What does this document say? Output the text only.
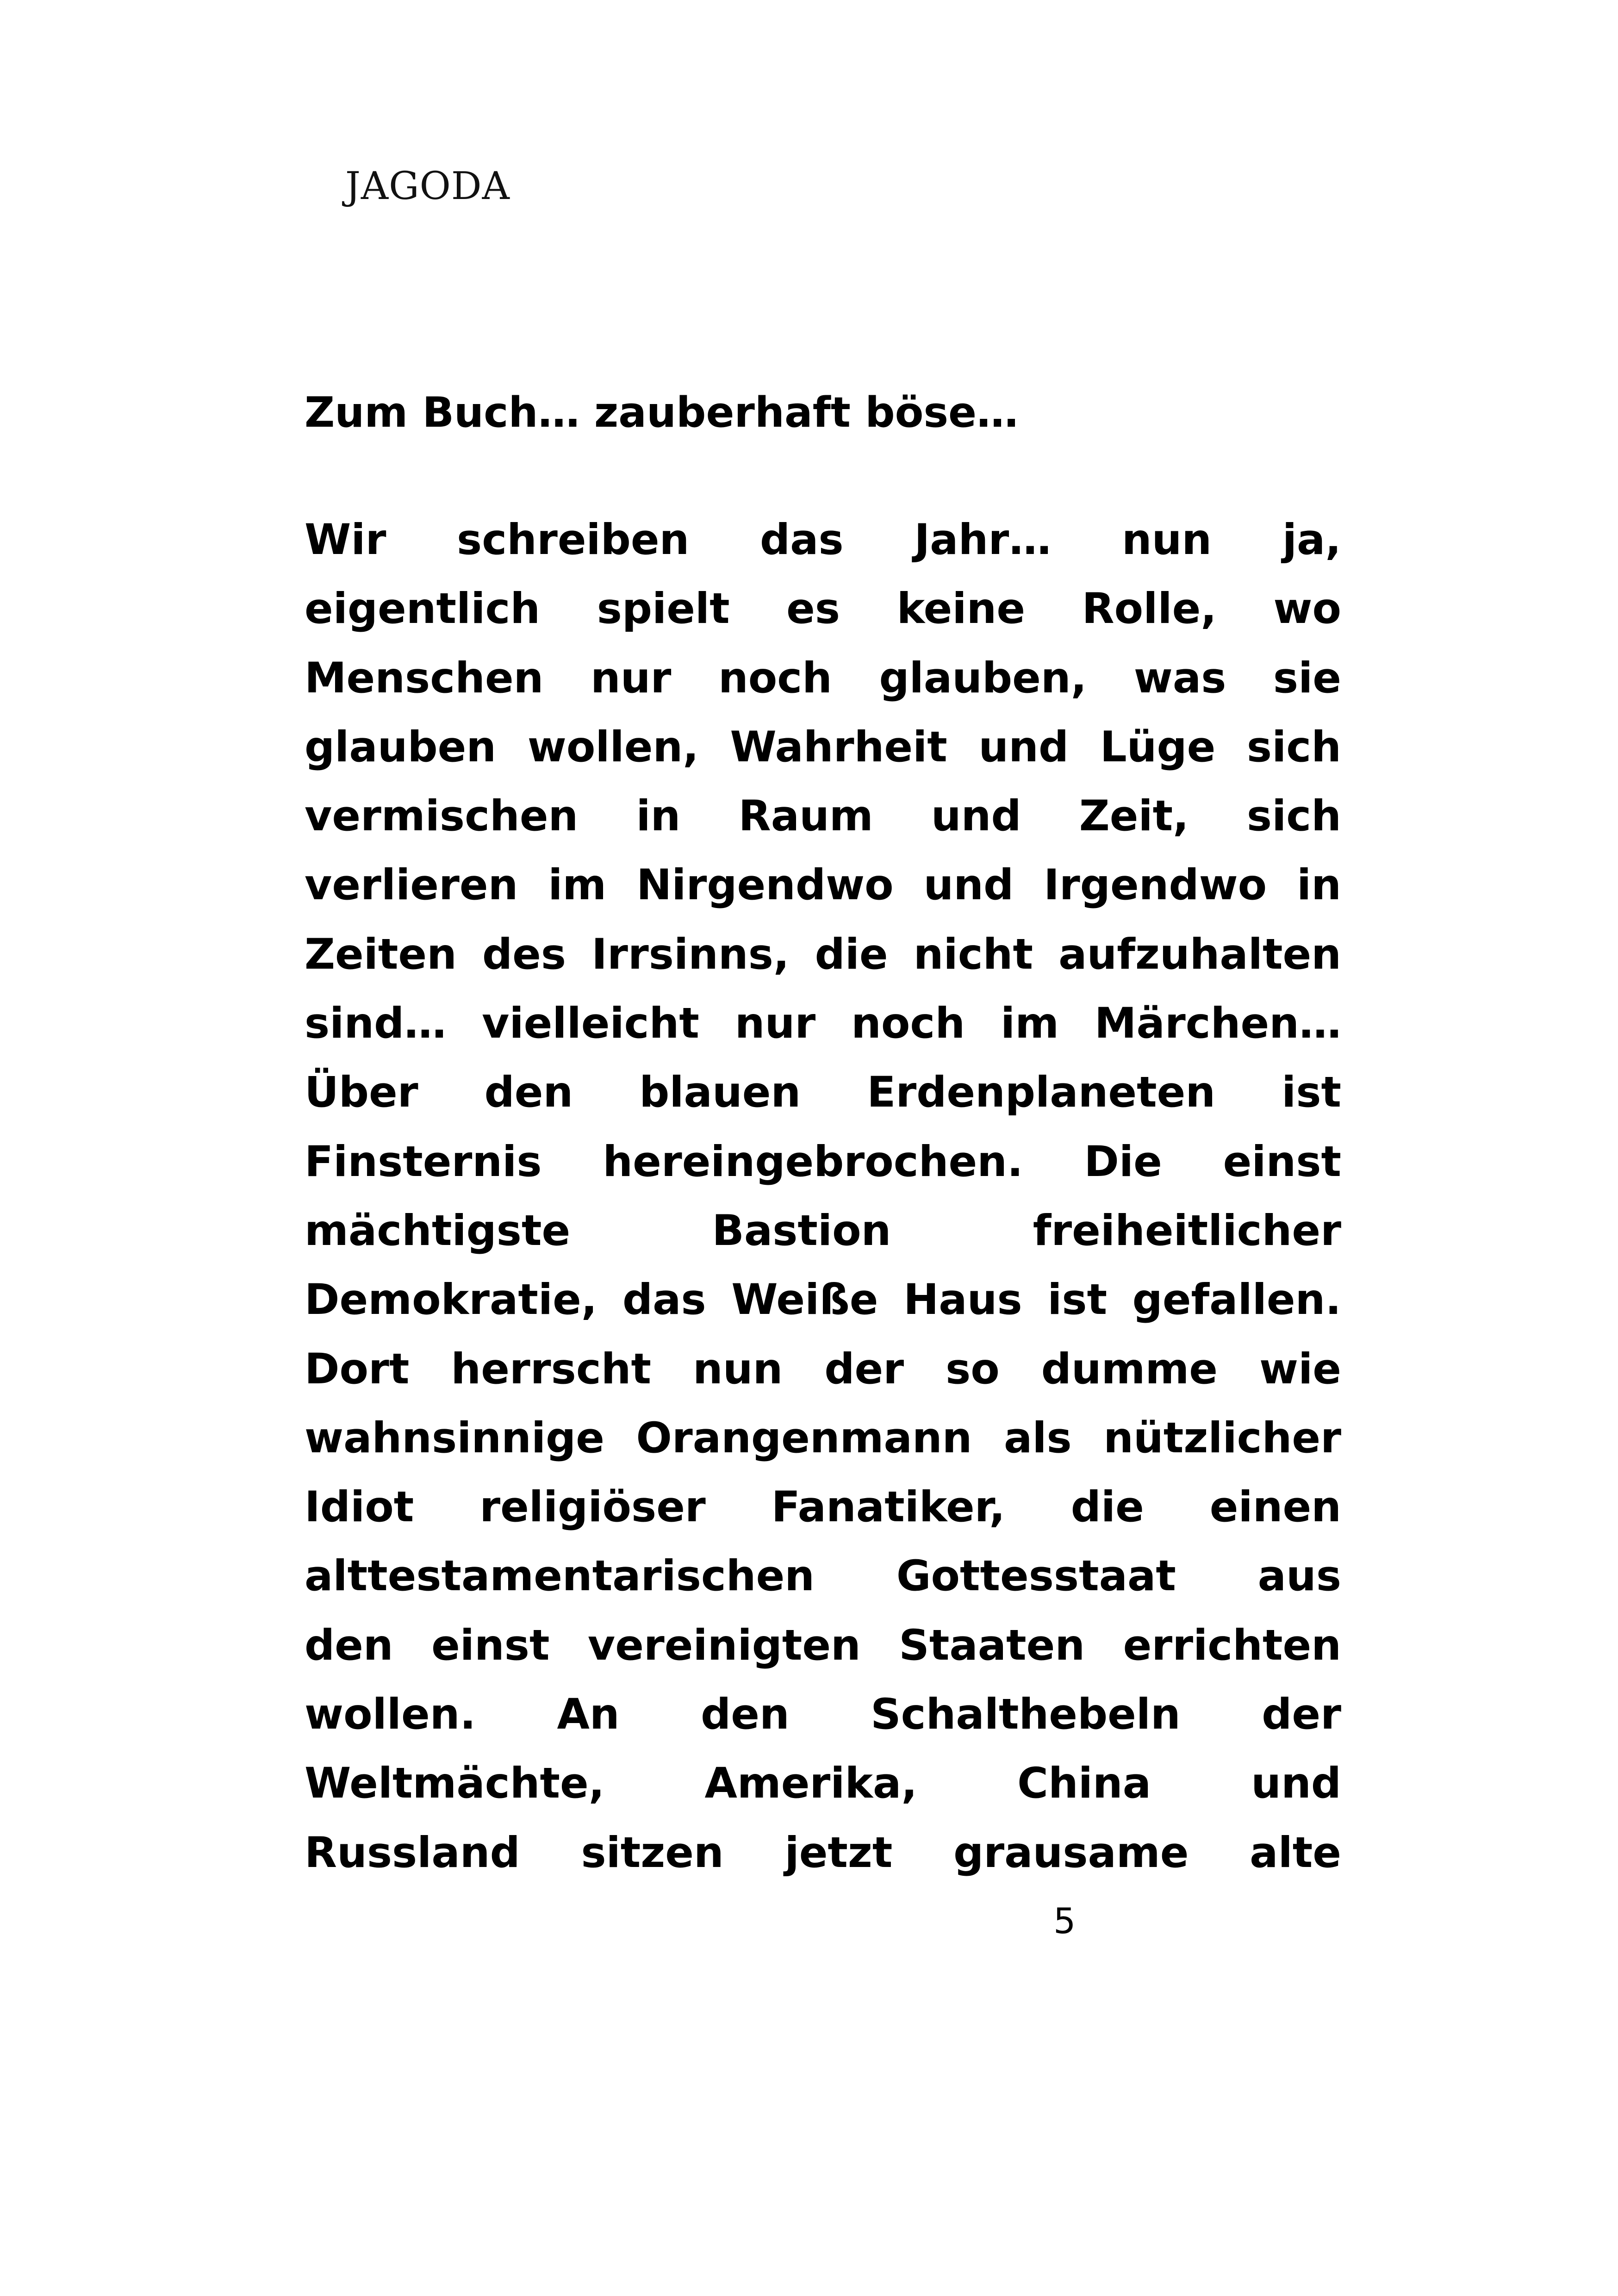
JAGODA

Zum Buch… zauberhaft böse…
Wir schreiben das Jahr… nun ja,
eigentlich spielt es keine Rolle, wo
Menschen nur noch glauben, was sie
glauben wollen, Wahrheit und Lüge sich
vermischen in Raum und Zeit, sich
verlieren im Nirgendwo und Irgendwo in
Zeiten des Irrsinns, die nicht aufzuhalten
sind… vielleicht nur noch im Märchen…
Über den blauen Erdenplaneten ist
Finsternis hereingebrochen. Die einst
mächtigste Bastion freiheitlicher
Demokratie, das Weiße Haus ist gefallen.
Dort herrscht nun der so dumme wie
wahnsinnige Orangenmann als nützlicher
Idiot religiöser Fanatiker, die einen
alttestamentarischen Gottesstaat aus
den einst vereinigten Staaten errichten
wollen. An den Schalthebeln der
Weltmächte, Amerika, China und
Russland sitzen jetzt grausame alte

5
